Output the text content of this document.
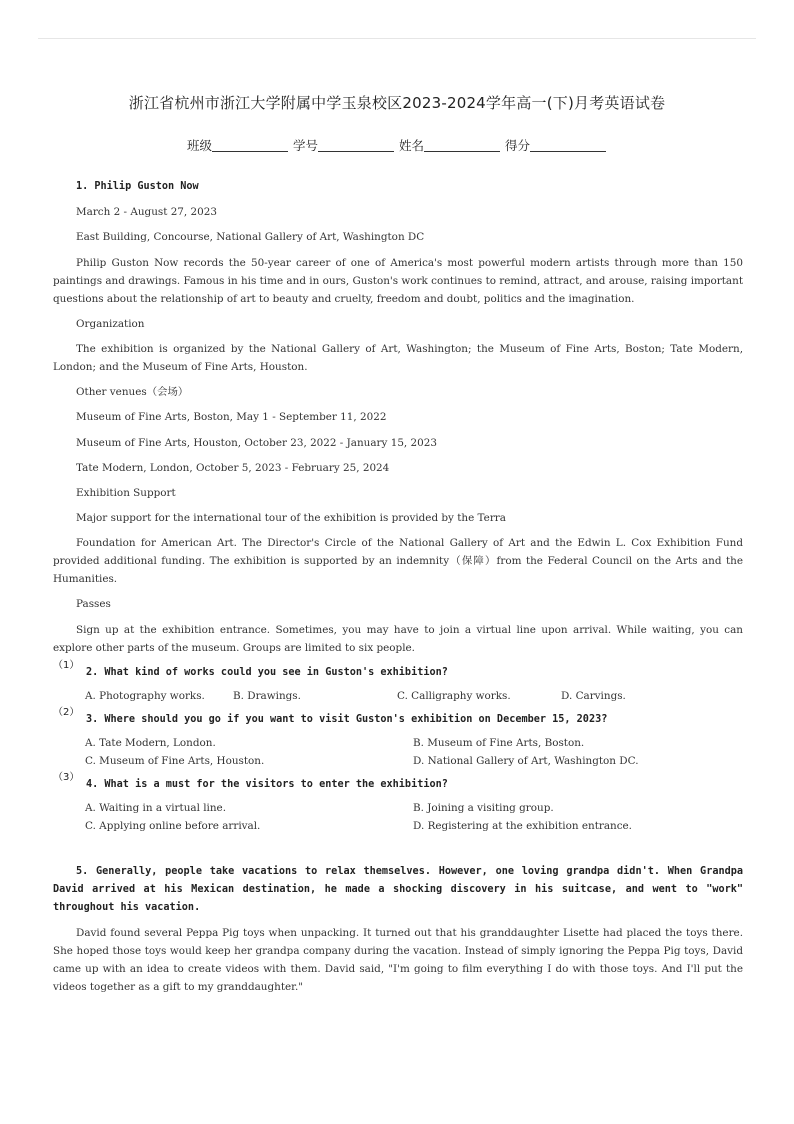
浙江省杭州市浙江大学附属中学玉泉校区2023-2024学年高一(下)月考英语试卷
班级	学号	姓名	得分

1. Philip Guston Now

March 2 - August 27, 2023

East Building, Concourse, National Gallery of Art, Washington DC

Philip Guston Now records the 50-year career of one of America's most powerful modern artists through more than 150 paintings and drawings. Famous in his time and in ours, Guston's work continues to remind, attract, and arouse, raising important questions about the relationship of art to beauty and cruelty, freedom and doubt, politics and the imagination.

Organization

The exhibition is organized by the National Gallery of Art, Washington; the Museum of Fine Arts, Boston; Tate Modern, London; and the Museum of Fine Arts, Houston.

Other venues（会场）

Museum of Fine Arts, Boston, May 1 - September 11, 2022

Museum of Fine Arts, Houston, October 23, 2022 - January 15, 2023

Tate Modern, London, October 5, 2023 - February 25, 2024

Exhibition Support

Major support for the international tour of the exhibition is provided by the Terra

Foundation for American Art. The Director's Circle of the National Gallery of Art and the Edwin L. Cox Exhibition Fund provided additional funding. The exhibition is supported by an indemnity（保障）from the Federal Council on the Arts and the Humanities.

Passes

Sign up at the exhibition entrance. Sometimes, you may have to join a virtual line upon arrival. While waiting, you can explore other parts of the museum. Groups are limited to six people.

（1）
2. What kind of works could you see in Guston's exhibition?
A. Photography works.	B. Drawings.	C. Calligraphy works.	D. Carvings.
（2）
3. Where should you go if you want to visit Guston's exhibition on December 15, 2023?
A. Tate Modern, London.	B. Museum of Fine Arts, Boston.
C. Museum of Fine Arts, Houston.	D. National Gallery of Art, Washington DC.
（3）
4. What is a must for the visitors to enter the exhibition?
A. Waiting in a virtual line.	B. Joining a visiting group.
C. Applying online before arrival.	D. Registering at the exhibition entrance.

5. Generally, people take vacations to relax themselves. However, one loving grandpa didn't. When Grandpa David arrived at his Mexican destination, he made a shocking discovery in his suitcase, and went to "work" throughout his vacation.

David found several Peppa Pig toys when unpacking. It turned out that his granddaughter Lisette had placed the toys there. She hoped those toys would keep her grandpa company during the vacation. Instead of simply ignoring the Peppa Pig toys, David came up with an idea to create videos with them. David said, "I'm going to film everything I do with those toys. And I'll put the videos together as a gift to my granddaughter."
